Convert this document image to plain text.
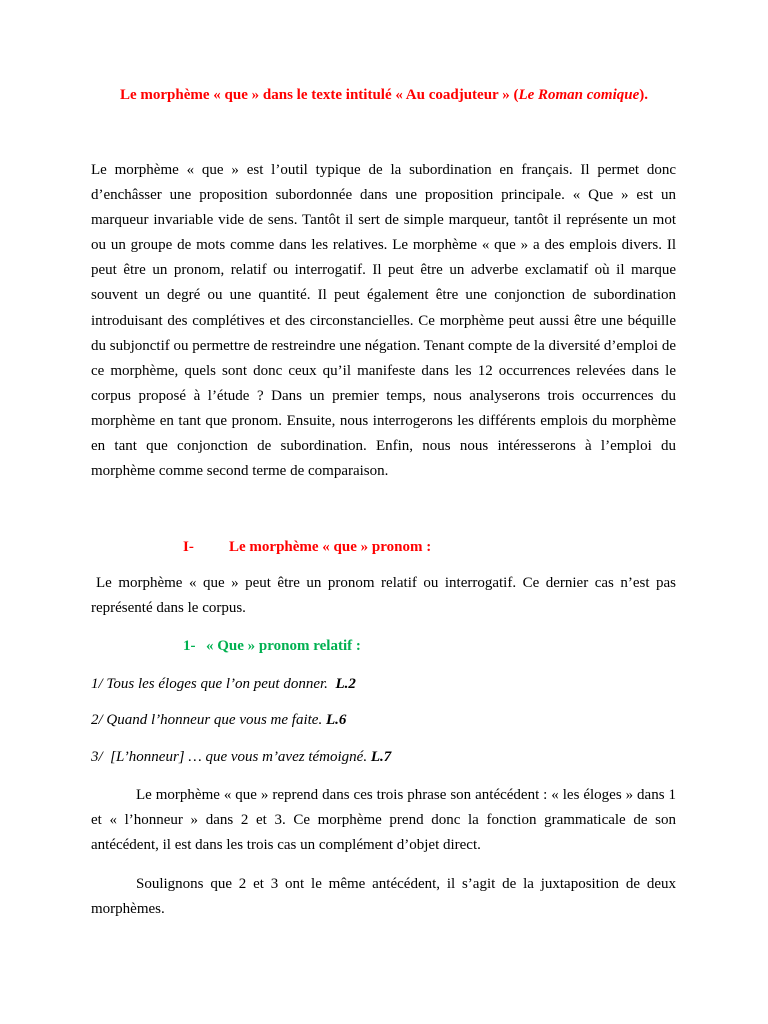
Le morphème « que » dans le texte intitulé « Au coadjuteur » (Le Roman comique).
Le morphème « que » est l’outil typique de la subordination en français. Il permet donc d’enchâsser une proposition subordonnée dans une proposition principale. « Que » est un marqueur invariable vide de sens. Tantôt il sert de simple marqueur, tantôt il représente un mot ou un groupe de mots comme dans les relatives. Le morphème « que » a des emplois divers. Il peut être un pronom, relatif ou interrogatif. Il peut être un adverbe exclamatif où il marque souvent un degré ou une quantité. Il peut également être une conjonction de subordination introduisant des complétives et des circonstancielles. Ce morphème peut aussi être une béquille du subjonctif ou permettre de restreindre une négation. Tenant compte de la diversité d’emploi de ce morphème, quels sont donc ceux qu’il manifeste dans les 12 occurrences relevées dans le corpus proposé à l’étude ? Dans un premier temps, nous analyserons trois occurrences du morphème en tant que pronom. Ensuite, nous interrogerons les différents emplois du morphème en tant que conjonction de subordination. Enfin, nous nous intéresserons à l’emploi du morphème comme second terme de comparaison.
I- Le morphème « que » pronom :
Le morphème « que » peut être un pronom relatif ou interrogatif. Ce dernier cas n’est pas représenté dans le corpus.
1- « Que » pronom relatif :
1/ Tous les éloges que l’on peut donner.  L.2
2/ Quand l’honneur que vous me faite. L.6
3/  [L’honneur] … que vous m’avez témoigné. L.7
Le morphème « que » reprend dans ces trois phrase son antécédent : « les éloges » dans 1 et « l’honneur » dans 2 et 3. Ce morphème prend donc la fonction grammaticale de son antécédent, il est dans les trois cas un complément d’objet direct.
Soulignons que 2 et 3 ont le même antécédent, il s’agit de la juxtaposition de deux morphèmes.
